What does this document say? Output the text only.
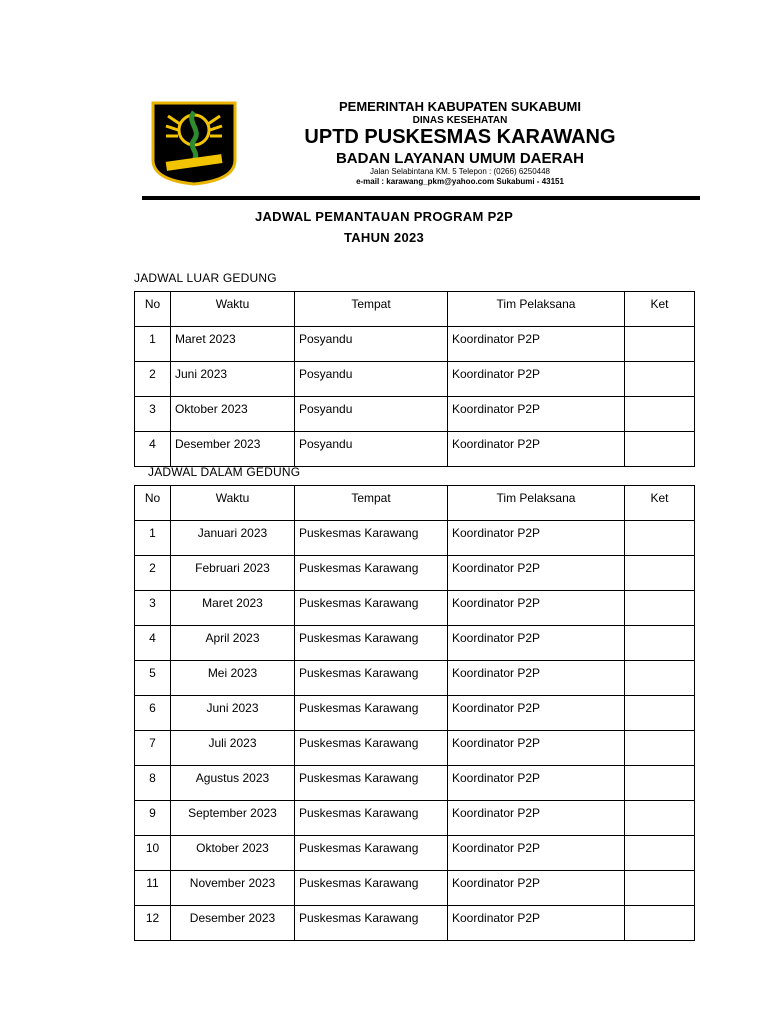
PEMERINTAH KABUPATEN SUKABUMI
DINAS KESEHATAN
UPTD PUSKESMAS KARAWANG
BADAN LAYANAN UMUM DAERAH
Jalan Selabintana KM. 5 Telepon : (0266) 6250448
e-mail : karawang_pkm@yahoo.com Sukabumi - 43151
JADWAL PEMANTAUAN PROGRAM P2P
TAHUN 2023
JADWAL LUAR GEDUNG
No	Waktu	Tempat	Tim Pelaksana	Ket
1	Maret 2023	Posyandu	Koordinator P2P	
2	Juni 2023	Posyandu	Koordinator P2P	
3	Oktober 2023	Posyandu	Koordinator P2P	
4	Desember 2023	Posyandu	Koordinator P2P	
JADWAL DALAM GEDUNG
No	Waktu	Tempat	Tim Pelaksana	Ket
1	Januari 2023	Puskesmas Karawang	Koordinator P2P	
2	Februari 2023	Puskesmas Karawang	Koordinator P2P	
3	Maret 2023	Puskesmas Karawang	Koordinator P2P	
4	April 2023	Puskesmas Karawang	Koordinator P2P	
5	Mei 2023	Puskesmas Karawang	Koordinator P2P	
6	Juni 2023	Puskesmas Karawang	Koordinator P2P	
7	Juli 2023	Puskesmas Karawang	Koordinator P2P	
8	Agustus 2023	Puskesmas Karawang	Koordinator P2P	
9	September 2023	Puskesmas Karawang	Koordinator P2P	
10	Oktober 2023	Puskesmas Karawang	Koordinator P2P	
11	November 2023	Puskesmas Karawang	Koordinator P2P	
12	Desember 2023	Puskesmas Karawang	Koordinator P2P	
